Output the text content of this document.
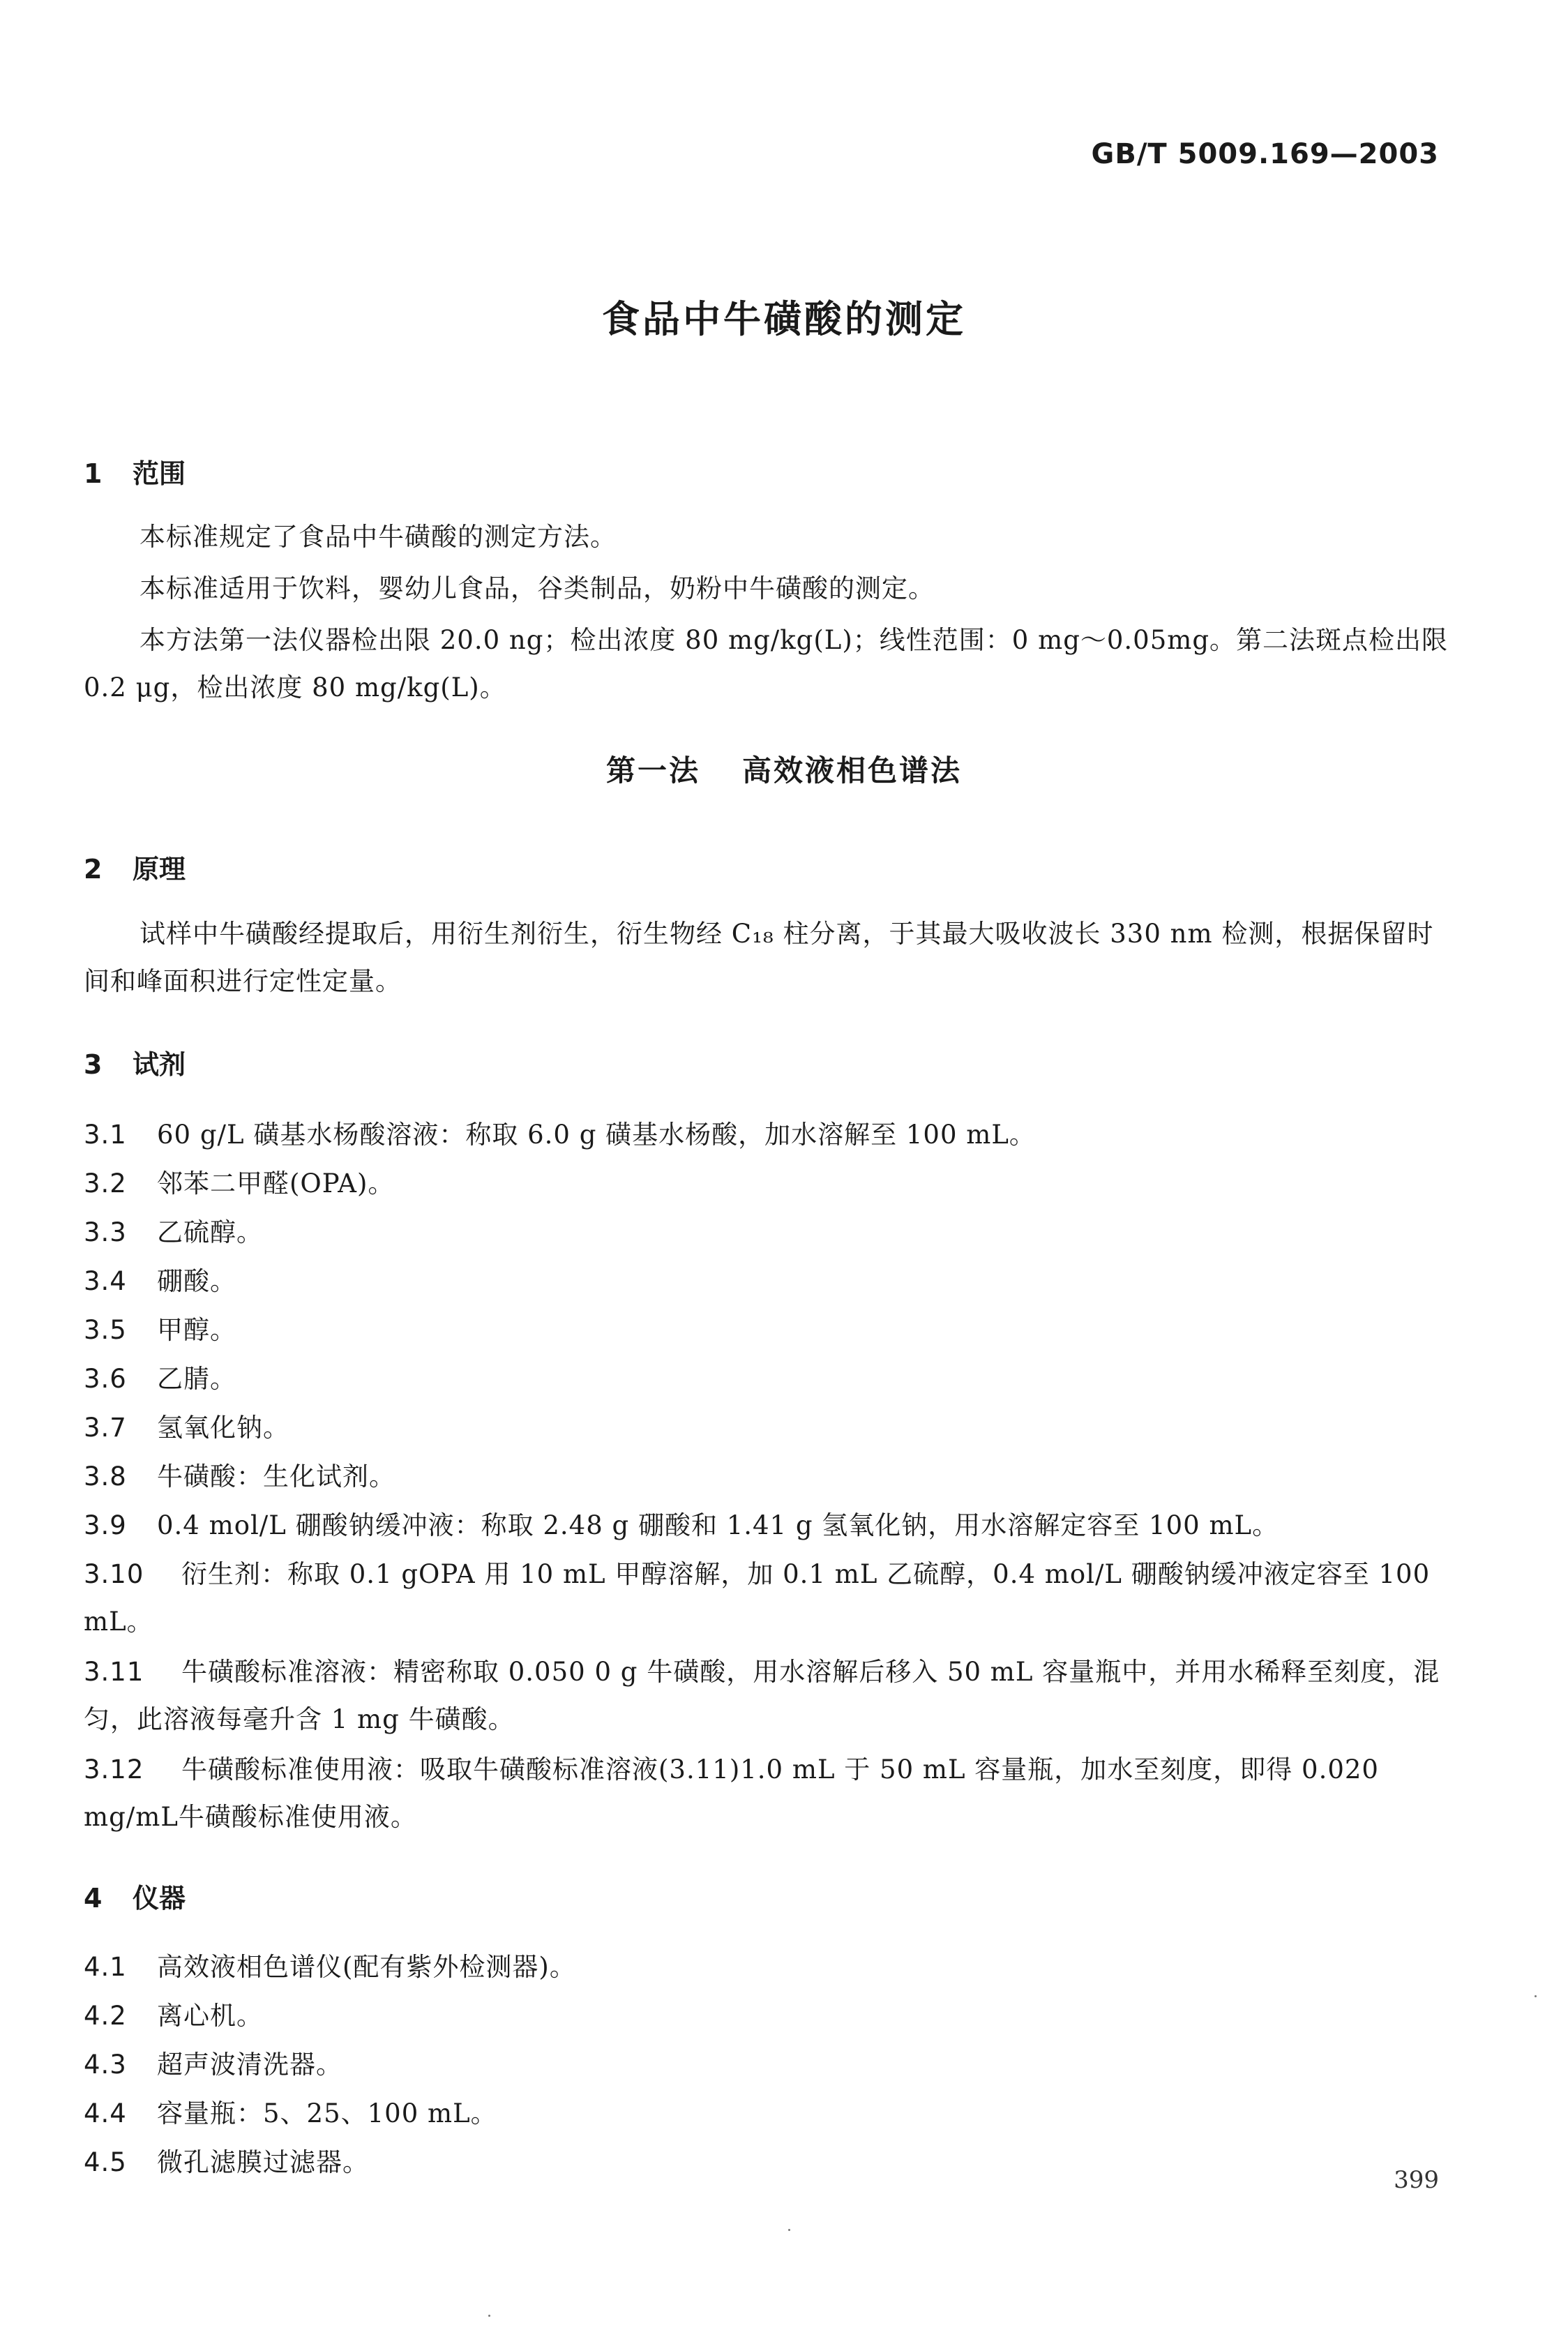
GB/T 5009.169—2003
食品中牛磺酸的测定
1 范围
本标准规定了食品中牛磺酸的测定方法。
本标准适用于饮料，婴幼儿食品，谷类制品，奶粉中牛磺酸的测定。
本方法第一法仪器检出限 20.0 ng；检出浓度 80 mg/kg(L)；线性范围：0 mg～0.05mg。第二法斑点检出限 0.2 μg，检出浓度 80 mg/kg(L)。
第一法 高效液相色谱法
2 原理
试样中牛磺酸经提取后，用衍生剂衍生，衍生物经 C₁₈ 柱分离，于其最大吸收波长 330 nm 检测，根据保留时间和峰面积进行定性定量。
3 试剂
3.1 60 g/L 磺基水杨酸溶液：称取 6.0 g 磺基水杨酸，加水溶解至 100 mL。
3.2 邻苯二甲醛(OPA)。
3.3 乙硫醇。
3.4 硼酸。
3.5 甲醇。
3.6 乙腈。
3.7 氢氧化钠。
3.8 牛磺酸：生化试剂。
3.9 0.4 mol/L 硼酸钠缓冲液：称取 2.48 g 硼酸和 1.41 g 氢氧化钠，用水溶解定容至 100 mL。
3.10 衍生剂：称取 0.1 gOPA 用 10 mL 甲醇溶解，加 0.1 mL 乙硫醇，0.4 mol/L 硼酸钠缓冲液定容至 100 mL。
3.11 牛磺酸标准溶液：精密称取 0.050 0 g 牛磺酸，用水溶解后移入 50 mL 容量瓶中，并用水稀释至刻度，混匀，此溶液每毫升含 1 mg 牛磺酸。
3.12 牛磺酸标准使用液：吸取牛磺酸标准溶液(3.11)1.0 mL 于 50 mL 容量瓶，加水至刻度，即得 0.020 mg/mL牛磺酸标准使用液。
4 仪器
4.1 高效液相色谱仪(配有紫外检测器)。
4.2 离心机。
4.3 超声波清洗器。
4.4 容量瓶：5、25、100 mL。
4.5 微孔滤膜过滤器。
399
